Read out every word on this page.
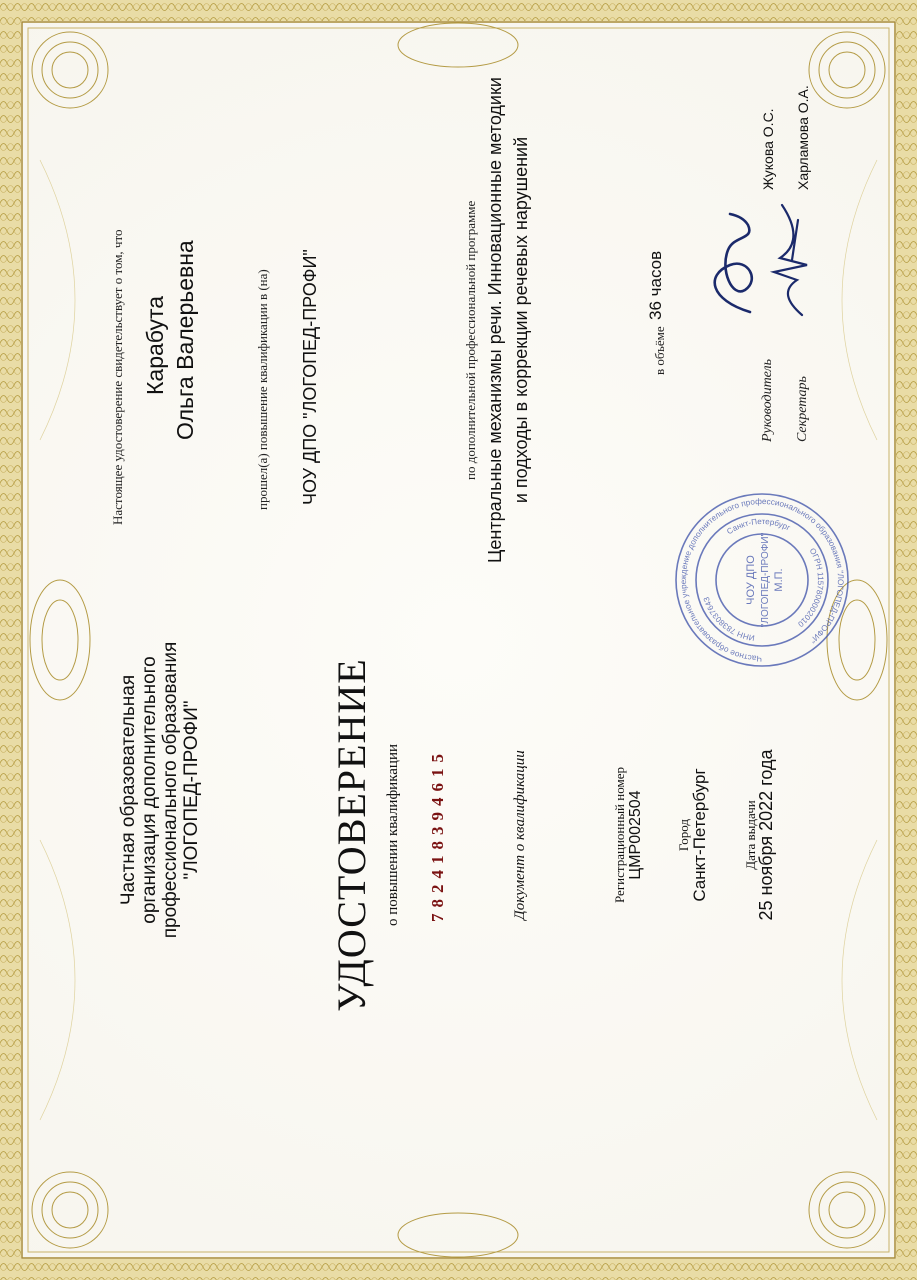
Частная образовательная организация дополнительного профессионального образования "ЛОГОПЕД-ПРОФИ"	УДОСТОВЕРЕНИЕ о повышении квалификации 782418394615	Документ о квалификации	Регистрационный номер ЦМР002504 Город Санкт-Петербург	Дата выдачи
25 ноября 2022 года
Настоящее удостоверение свидетельствует о том, что Карабута Ольга Валерьевна	прошел(а) повышение квалификации в (на) ЧОУ ДПО "ЛОГОПЕД-ПРОФИ"	по дополнительной профессиональной программе Центральные механизмы речи. Инновационные методики и подходы в коррекции речевых нарушений	в объёме
36 часов
Частное образовательное учреждение дополнительного профессионального образования "ЛОГОПЕД-ПРОФИ"
ИНН 7838037643
Санкт-Петербург
ОГРН 1157800002010
ЧОУ ДПО "ЛОГОПЕД-ПРОФИ" М.П.
Руководитель Секретарь
Жукова О.С. Харламова О.А.
